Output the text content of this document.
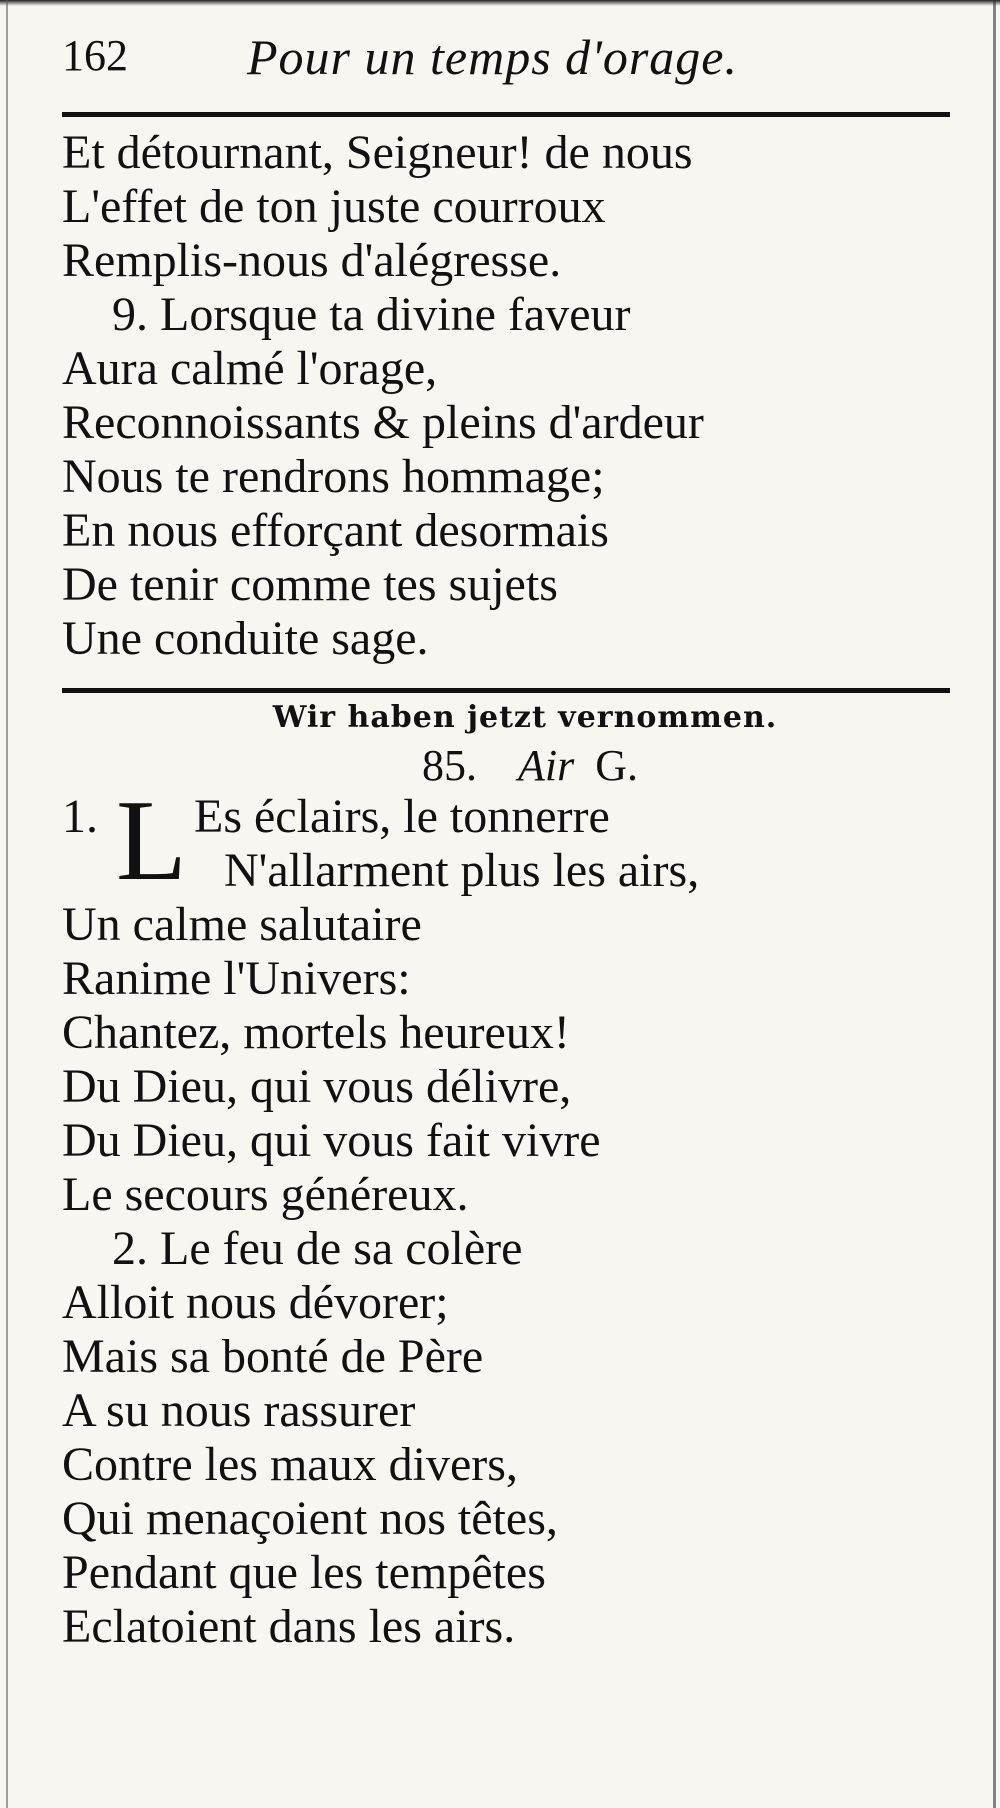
162 Pour un temps d'orage.
Et détournant, Seigneur! de nous
L'effet de ton juste courroux
Remplis-nous d'alégresse.
9. Lorsque ta divine faveur
Aura calmé l'orage,
Reconnoissants & pleins d'ardeur
Nous te rendrons hommage;
En nous efforçant desormais
De tenir comme tes sujets
Une conduite sage.
Wir haben jetzt vernommen.
85. Air G.
1. L Es éclairs, le tonnerre
N'allarment plus les airs,
Un calme salutaire
Ranime l'Univers:
Chantez, mortels heureux!
Du Dieu, qui vous délivre,
Du Dieu, qui vous fait vivre
Le secours généreux.
2. Le feu de sa colère
Alloit nous dévorer;
Mais sa bonté de Père
A su nous rassurer
Contre les maux divers,
Qui menaçoient nos têtes,
Pendant que les tempêtes
Eclatoient dans les airs.
